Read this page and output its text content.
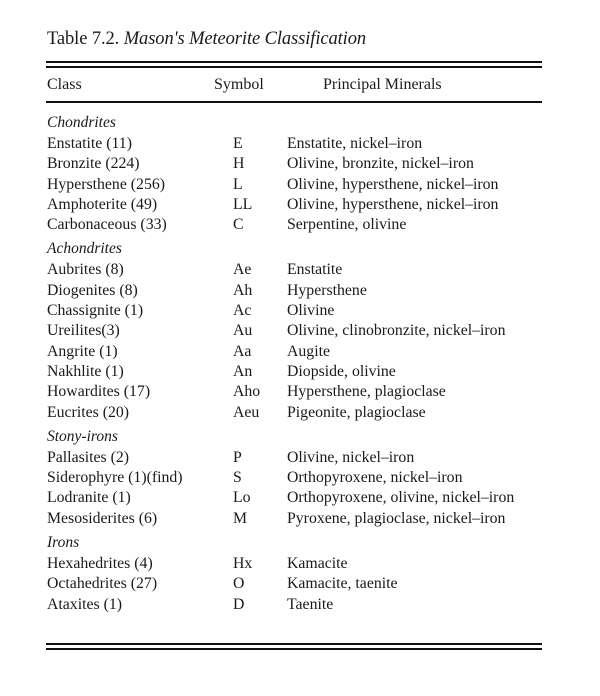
Table 7.2. Mason's Meteorite Classification
Class	Symbol	Principal Minerals
Chondrites
Enstatite (11)	E	Enstatite, nickel–iron
Bronzite (224)	H	Olivine, bronzite, nickel–iron
Hypersthene (256)	L	Olivine, hypersthene, nickel–iron
Amphoterite (49)	LL Olivine, hypersthene, nickel–iron
Carbonaceous (33)	C	Serpentine, olivine
Achondrites
Aubrites (8)	Ae Enstatite
Diogenites (8)	Ah Hypersthene
Chassignite (1)	Ac Olivine
Ureilites(3)	Au Olivine, clinobronzite, nickel–iron
Angrite (1)	Aa Augite
Nakhlite (1)	An Diopside, olivine
Howardites (17)	Aho Hypersthene, plagioclase
Eucrites (20)	Aeu Pigeonite, plagioclase
Stony-irons
Pallasites (2)	P	Olivine, nickel–iron
Siderophyre (1)(find)	S	Orthopyroxene, nickel–iron
Lodranite (1)	Lo Orthopyroxene, olivine, nickel–iron
Mesosiderites (6)	M	Pyroxene, plagioclase, nickel–iron
Irons
Hexahedrites (4)	Hx Kamacite
Octahedrites (27)	O	Kamacite, taenite
Ataxites (1)	D	Taenite
